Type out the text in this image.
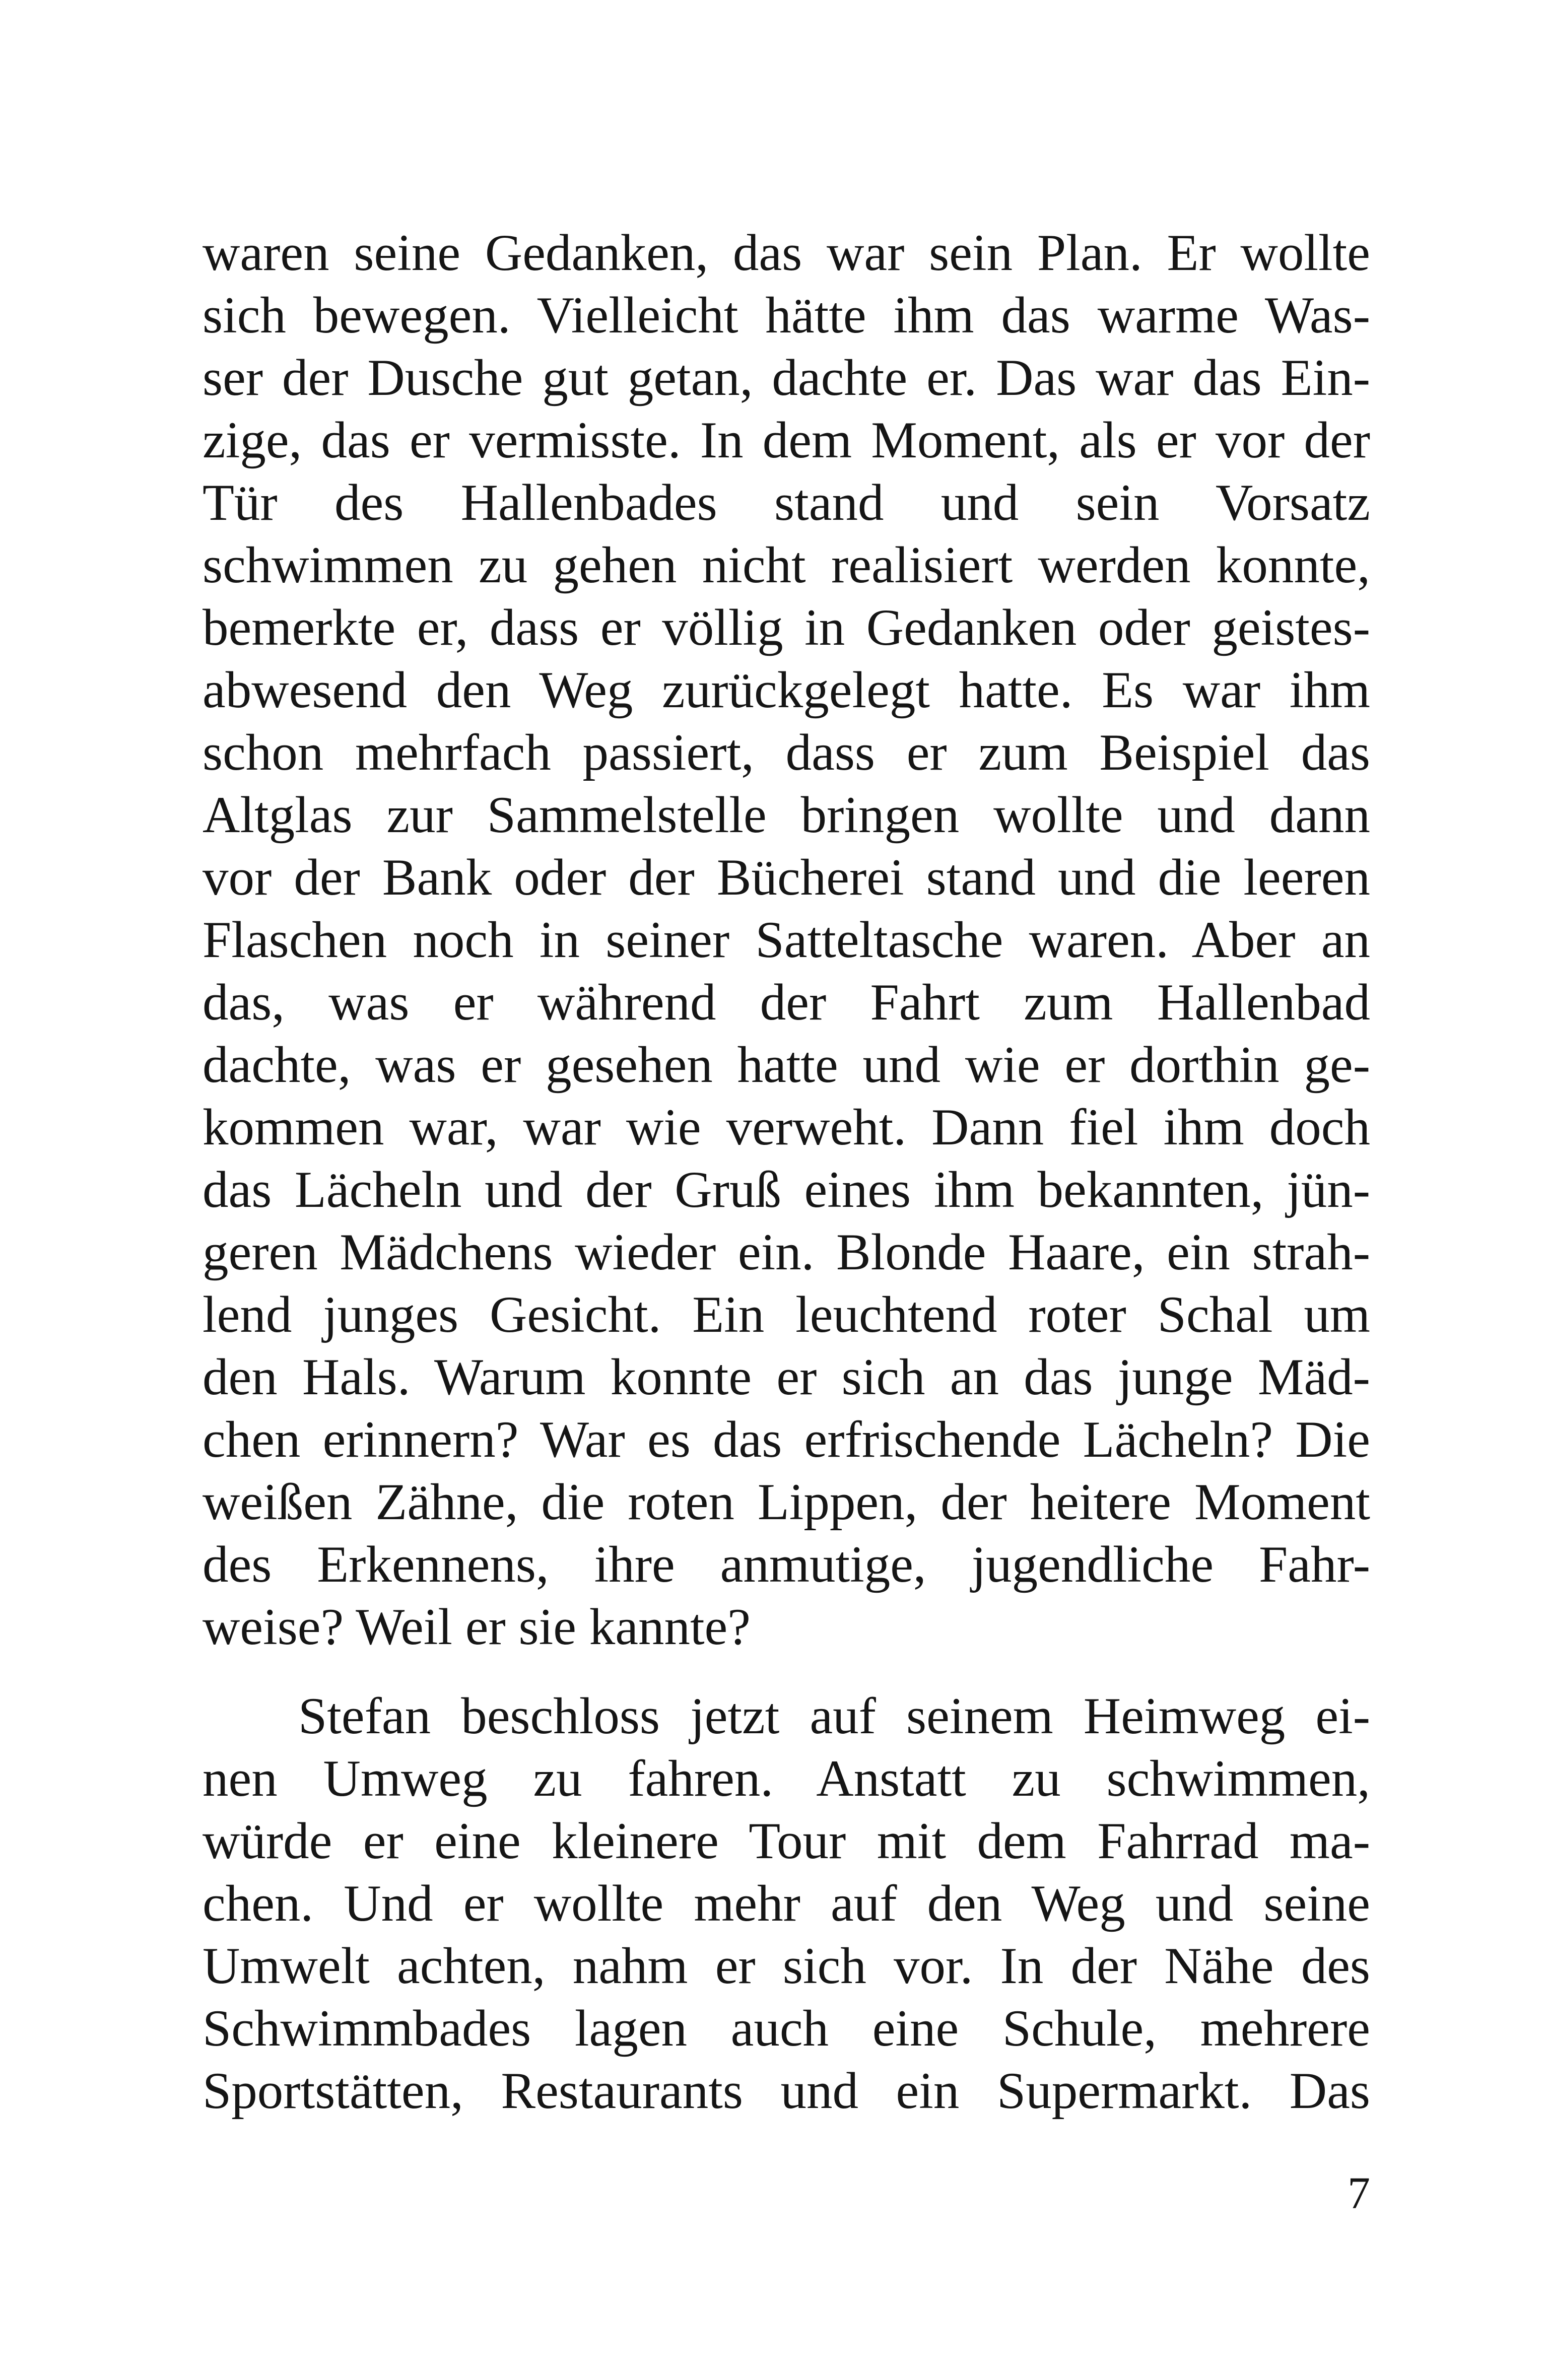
waren seine Gedanken, das war sein Plan. Er wollte
sich bewegen. Vielleicht hätte ihm das warme Was-
ser der Dusche gut getan, dachte er. Das war das Ein-
zige, das er vermisste. In dem Moment, als er vor der
Tür des Hallenbades stand und sein Vorsatz
schwimmen zu gehen nicht realisiert werden konnte,
bemerkte er, dass er völlig in Gedanken oder geistes-
abwesend den Weg zurückgelegt hatte. Es war ihm
schon mehrfach passiert, dass er zum Beispiel das
Altglas zur Sammelstelle bringen wollte und dann
vor der Bank oder der Bücherei stand und die leeren
Flaschen noch in seiner Satteltasche waren. Aber an
das, was er während der Fahrt zum Hallenbad
dachte, was er gesehen hatte und wie er dorthin ge-
kommen war, war wie verweht. Dann fiel ihm doch
das Lächeln und der Gruß eines ihm bekannten, jün-
geren Mädchens wieder ein. Blonde Haare, ein strah-
lend junges Gesicht. Ein leuchtend roter Schal um
den Hals. Warum konnte er sich an das junge Mäd-
chen erinnern? War es das erfrischende Lächeln? Die
weißen Zähne, die roten Lippen, der heitere Moment
des Erkennens, ihre anmutige, jugendliche Fahr-
weise? Weil er sie kannte?
Stefan beschloss jetzt auf seinem Heimweg ei-
nen Umweg zu fahren. Anstatt zu schwimmen,
würde er eine kleinere Tour mit dem Fahrrad ma-
chen. Und er wollte mehr auf den Weg und seine
Umwelt achten, nahm er sich vor. In der Nähe des
Schwimmbades lagen auch eine Schule, mehrere
Sportstätten, Restaurants und ein Supermarkt. Das
7
